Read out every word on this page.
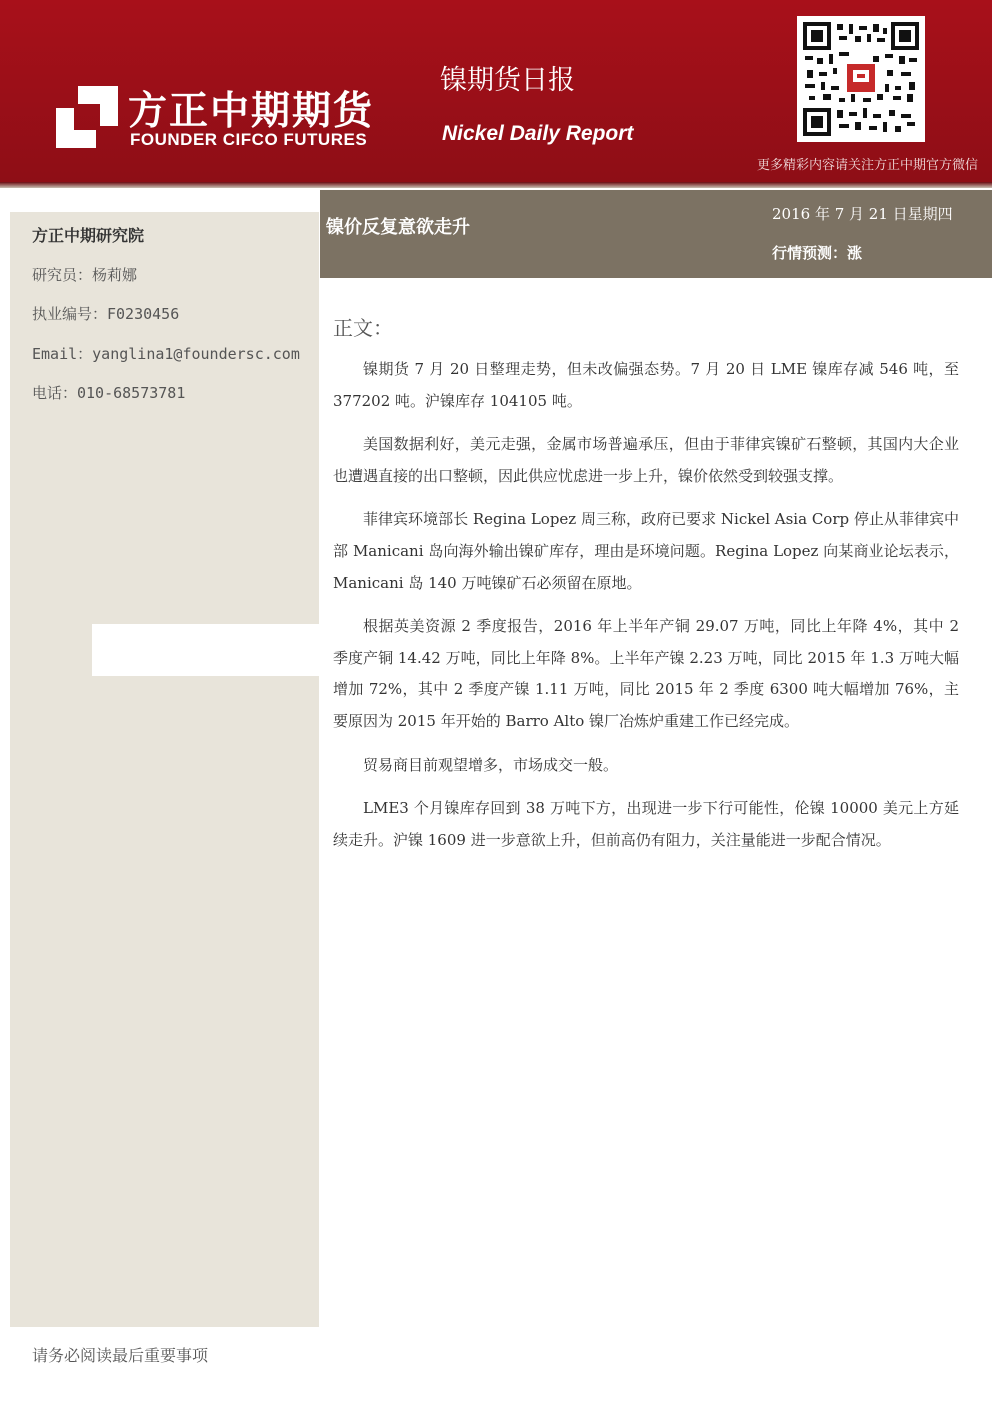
方正中期期货
FOUNDER CIFCO FUTURES
镍期货日报
Nickel Daily Report
更多精彩内容请关注方正中期官方微信
方正中期研究院
研究员：杨莉娜
执业编号：F0230456
Email：yanglina1@foundersc.com
电话：010-68573781
镍价反复意欲走升
2016 年 7 月 21 日星期四
行情预测：涨
正文：

镍期货 7 月 20 日整理走势，但未改偏强态势。7 月 20 日 LME 镍库存减 546 吨，至 377202 吨。沪镍库存 104105 吨。

美国数据利好，美元走强，金属市场普遍承压，但由于菲律宾镍矿石整顿，其国内大企业也遭遇直接的出口整顿，因此供应忧虑进一步上升，镍价依然受到较强支撑。

菲律宾环境部长 Regina Lopez 周三称，政府已要求 Nickel Asia Corp 停止从菲律宾中部 Manicani 岛向海外输出镍矿库存，理由是环境问题。Regina Lopez 向某商业论坛表示，Manicani 岛 140 万吨镍矿石必须留在原地。

根据英美资源 2 季度报告，2016 年上半年产铜 29.07 万吨，同比上年降 4%，其中 2 季度产铜 14.42 万吨，同比上年降 8%。上半年产镍 2.23 万吨，同比 2015 年 1.3 万吨大幅增加 72%，其中 2 季度产镍 1.11 万吨，同比 2015 年 2 季度 6300 吨大幅增加 76%，主要原因为 2015 年开始的 Barro Alto 镍厂冶炼炉重建工作已经完成。

贸易商目前观望增多，市场成交一般。

LME3 个月镍库存回到 38 万吨下方，出现进一步下行可能性，伦镍 10000 美元上方延续走升。沪镍 1609 进一步意欲上升，但前高仍有阻力，关注量能进一步配合情况。

请务必阅读最后重要事项
